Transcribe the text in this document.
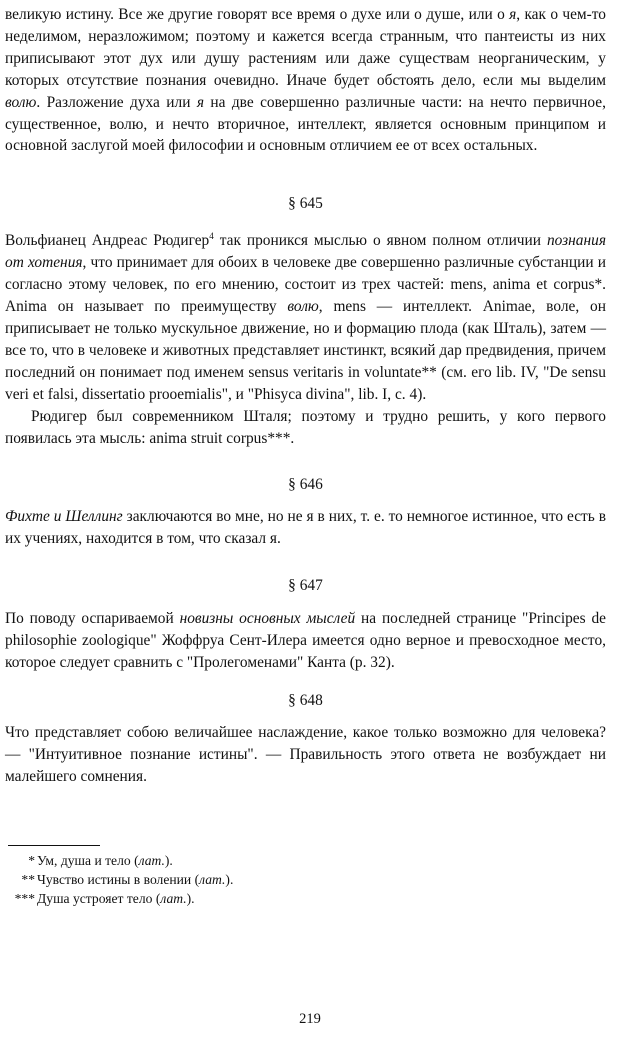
великую истину. Все же другие говорят все время о духе или о душе, или о я, как о чем-то неделимом, неразложимом; поэтому и кажется всегда странным, что пантеисты из них приписывают этот дух или душу растениям или даже существам неорганическим, у которых отсутствие познания очевидно. Иначе будет обстоять дело, если мы выделим волю. Разложение духа или я на две совершенно различные части: на нечто первичное, существенное, волю, и нечто вторичное, интеллект, является основным принципом и основной заслугой моей философии и основным отличием ее от всех остальных.

§ 645

Вольфианец Андреас Рюдигер$^4$ так проникся мыслью о явном полном отличии познания от хотения, что принимает для обоих в человеке две совершенно различные субстанции и согласно этому человек, по его мнению, состоит из трех частей: mens, anima et corpus*. Anima он называет по преимуществу волю, mens — интеллект. Animae, воле, он приписывает не только мускульное движение, но и формацию плода (как Шталь), затем — все то, что в человеке и животных представляет инстинкт, всякий дар предвидения, причем последний он понимает под именем sensus veritaris in voluntate** (см. его lib. IV, "De sensu veri et falsi, dissertatio prooemialis", и "Phisyca divina", lib. I, c. 4).

Рюдигер был современником Шталя; поэтому и трудно решить, у кого первого появилась эта мысль: anima struit corpus***.

§ 646

Фихте и Шеллинг заключаются во мне, но не я в них, т. е. то немногое истинное, что есть в их учениях, находится в том, что сказал я.

§ 647

По поводу оспариваемой новизны основных мыслей на последней странице "Principes de philosophie zoologique" Жоффруа Сент-Илера имеется одно верное и превосходное место, которое следует сравнить с "Пролегоменами" Канта (p. 32).

§ 648

Что представляет собою величайшее наслаждение, какое только возможно для человека? — "Интуитивное познание истины". — Правильность этого ответа не возбуждает ни малейшего сомнения.

* Ум, душа и тело (лат.).
** Чувство истины в волении (лат.).
*** Душа устрояет тело (лат.).
219
